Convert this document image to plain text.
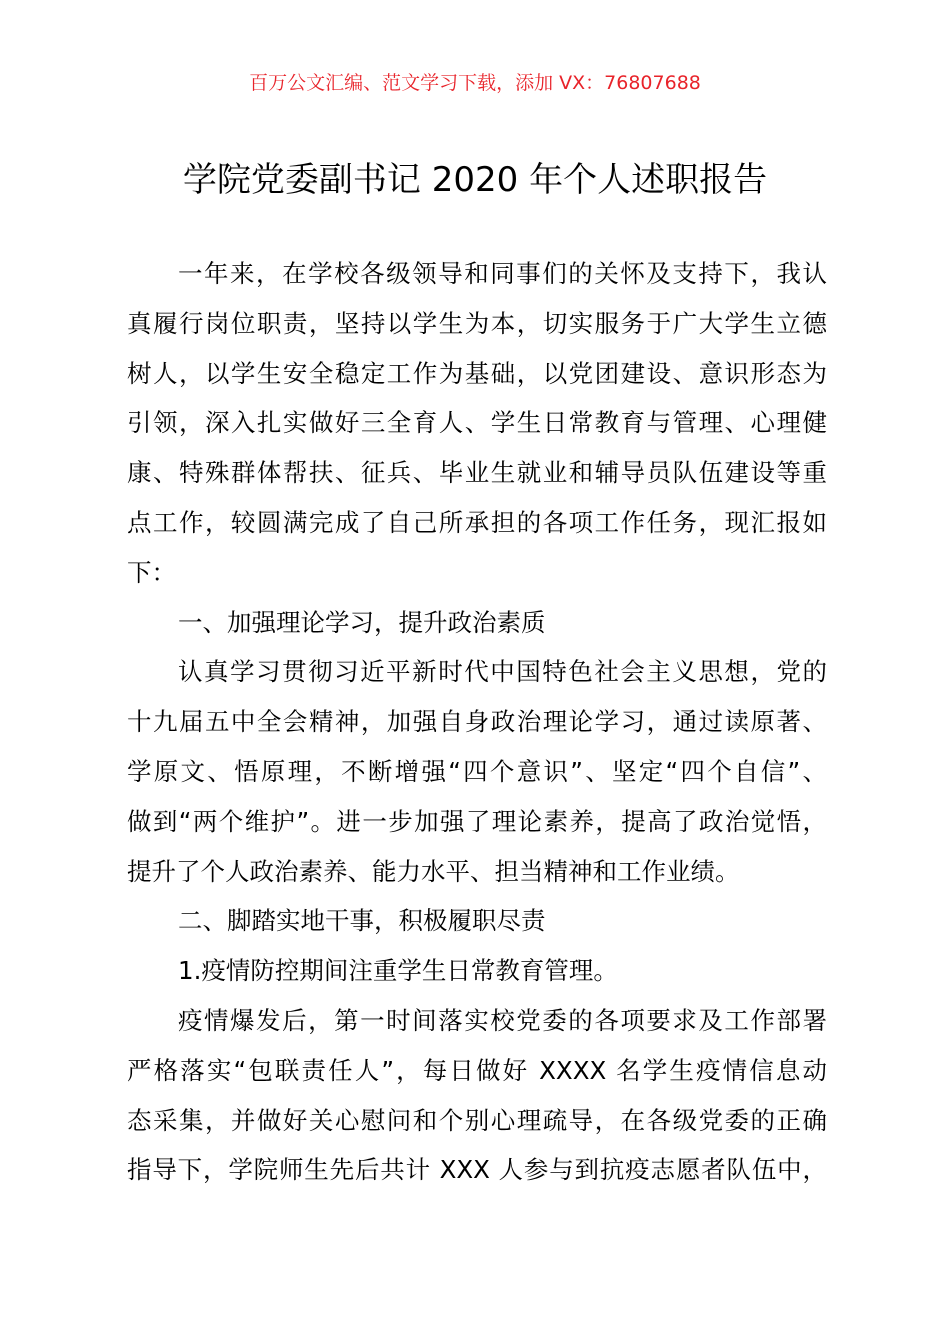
百万公文汇编、范文学习下载，添加 VX：76807688
学院党委副书记 2020 年个人述职报告
一年来，在学校各级领导和同事们的关怀及支持下，我认
真履行岗位职责，坚持以学生为本，切实服务于广大学生立德
树人，以学生安全稳定工作为基础，以党团建设、意识形态为
引领，深入扎实做好三全育人、学生日常教育与管理、心理健
康、特殊群体帮扶、征兵、毕业生就业和辅导员队伍建设等重
点工作，较圆满完成了自己所承担的各项工作任务，现汇报如
下：
一、加强理论学习，提升政治素质
认真学习贯彻习近平新时代中国特色社会主义思想，党的
十九届五中全会精神，加强自身政治理论学习，通过读原著、
学原文、悟原理，不断增强“四个意识”、坚定“四个自信”、
做到“两个维护”。进一步加强了理论素养，提高了政治觉悟，
提升了个人政治素养、能力水平、担当精神和工作业绩。
二、脚踏实地干事，积极履职尽责
1.疫情防控期间注重学生日常教育管理。
疫情爆发后，第一时间落实校党委的各项要求及工作部署
严格落实“包联责任人”，每日做好 XXXX 名学生疫情信息动
态采集，并做好关心慰问和个别心理疏导，在各级党委的正确
指导下，学院师生先后共计 XXX 人参与到抗疫志愿者队伍中，
